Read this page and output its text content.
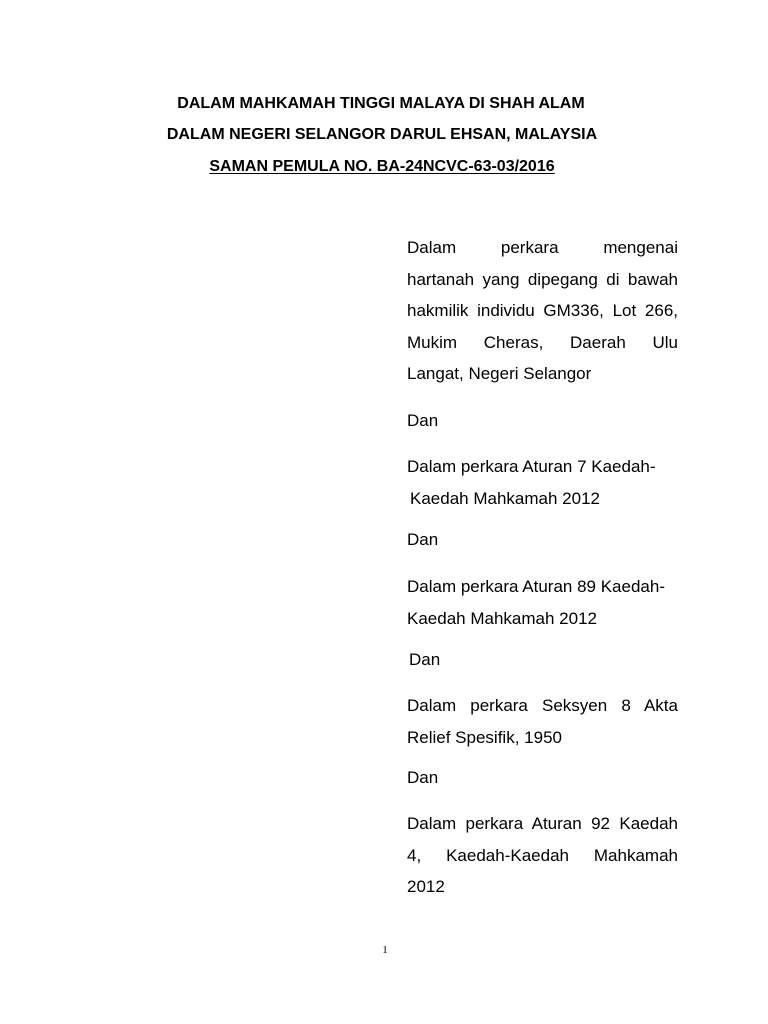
DALAM MAHKAMAH TINGGI MALAYA DI SHAH ALAM
DALAM NEGERI SELANGOR DARUL EHSAN, MALAYSIA
SAMAN PEMULA NO. BA-24NCVC-63-03/2016
Dalam perkara mengenai
hartanah yang dipegang di bawah
hakmilik individu GM336, Lot 266,
Mukim Cheras, Daerah Ulu
Langat, Negeri Selangor
Dan
Dalam perkara Aturan 7 Kaedah-
Kaedah Mahkamah 2012
Dan
Dalam perkara Aturan 89 Kaedah-
Kaedah Mahkamah 2012
Dan
Dalam perkara Seksyen 8 Akta
Relief Spesifik, 1950
Dan
Dalam perkara Aturan 92 Kaedah
4, Kaedah-Kaedah Mahkamah
2012
1
